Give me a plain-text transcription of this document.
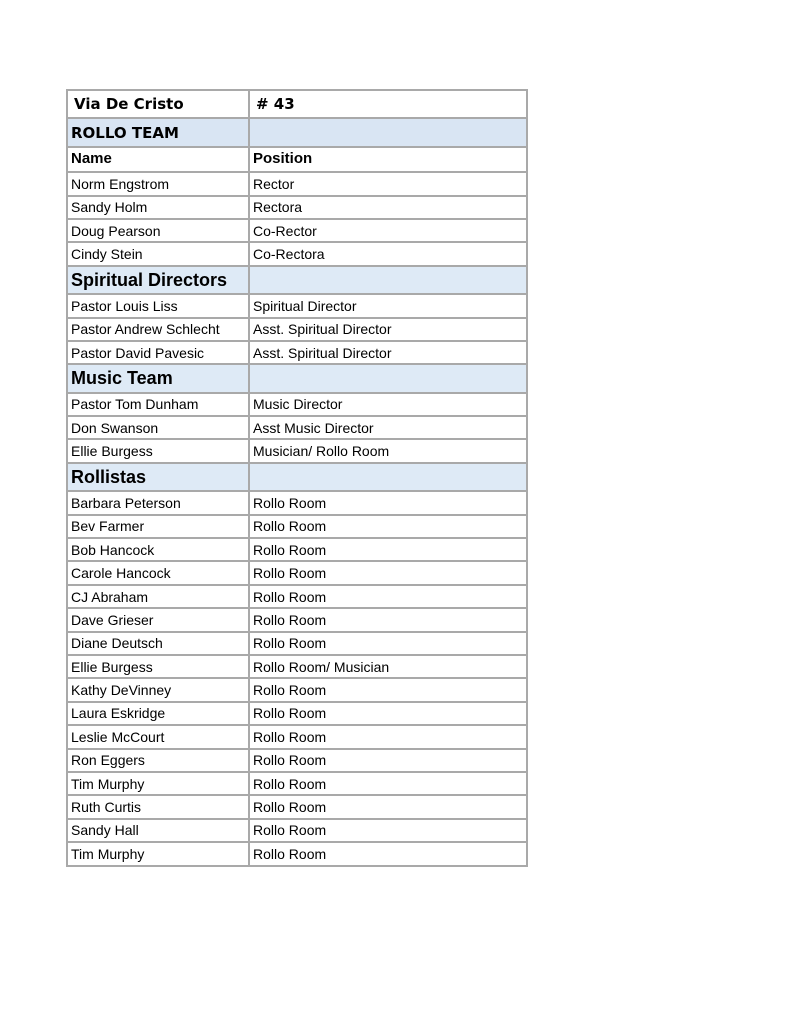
Via De Cristo	# 43
ROLLO TEAM	
Name	Position
Norm Engstrom	Rector
Sandy Holm	Rectora
Doug Pearson	Co-Rector
Cindy Stein	Co-Rectora
Spiritual Directors	
Pastor Louis Liss	Spiritual Director
Pastor Andrew Schlecht	Asst. Spiritual Director
Pastor David Pavesic	Asst. Spiritual Director
Music Team	
Pastor Tom Dunham	Music Director
Don Swanson	Asst Music Director
Ellie Burgess	Musician/ Rollo Room
Rollistas	
Barbara Peterson	Rollo Room
Bev Farmer	Rollo Room
Bob Hancock	Rollo Room
Carole Hancock	Rollo Room
CJ Abraham	Rollo Room
Dave Grieser	Rollo Room
Diane Deutsch	Rollo Room
Ellie Burgess	Rollo Room/ Musician
Kathy DeVinney	Rollo Room
Laura Eskridge	Rollo Room
Leslie McCourt	Rollo Room
Ron Eggers	Rollo Room
Tim Murphy	Rollo Room
Ruth Curtis	Rollo Room
Sandy Hall	Rollo Room
Tim Murphy	Rollo Room
